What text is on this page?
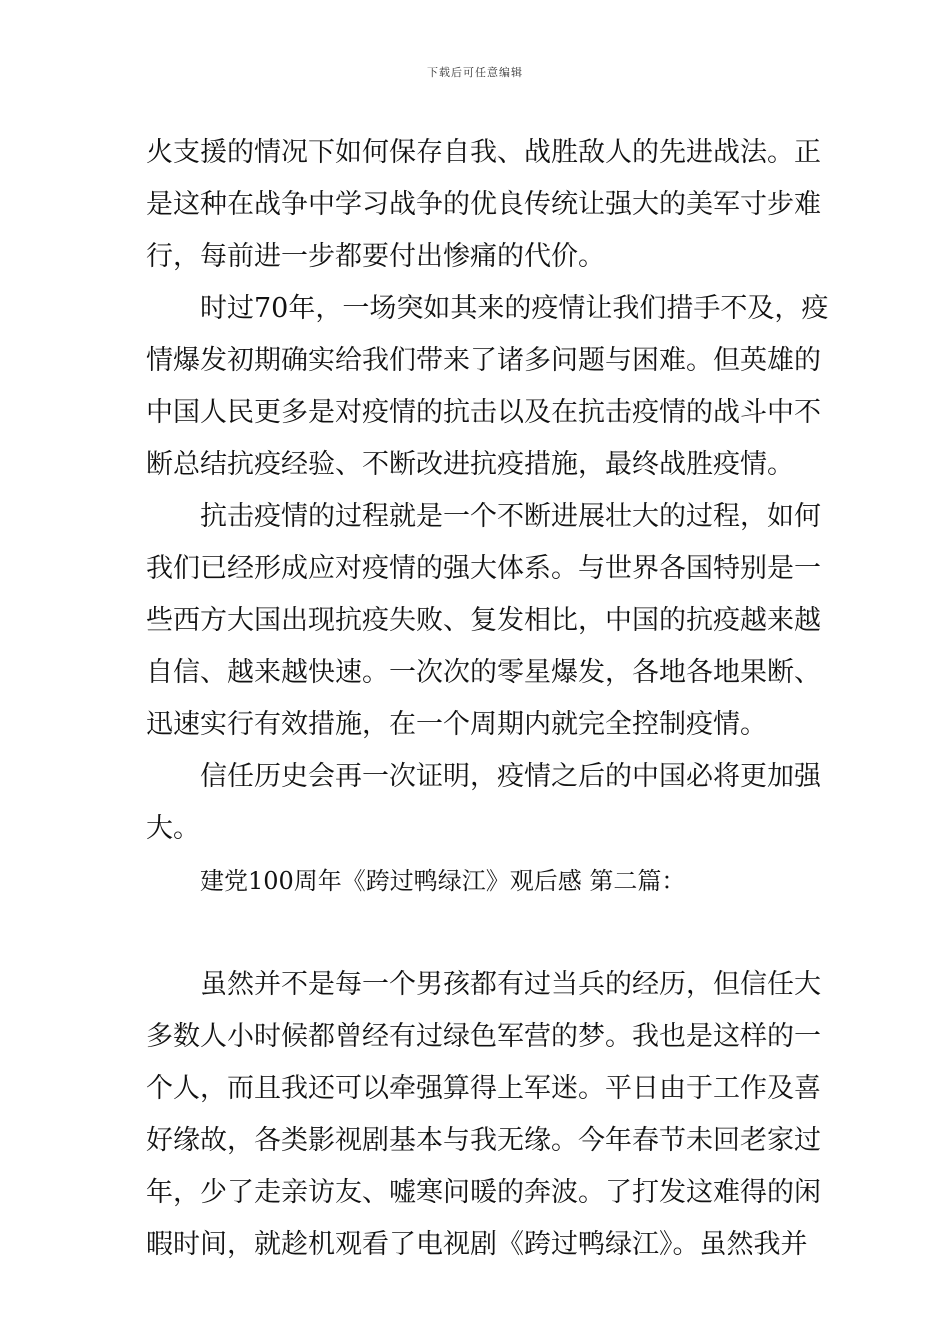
下载后可任意编辑
火支援的情况下如何保存自我、战胜敌人的先进战法。正
是这种在战争中学习战争的优良传统让强大的美军寸步难
行，每前进一步都要付出惨痛的代价。
时过70年，一场突如其来的疫情让我们措手不及，疫
情爆发初期确实给我们带来了诸多问题与困难。但英雄的
中国人民更多是对疫情的抗击以及在抗击疫情的战斗中不
断总结抗疫经验、不断改进抗疫措施，最终战胜疫情。
抗击疫情的过程就是一个不断进展壮大的过程，如何
我们已经形成应对疫情的强大体系。与世界各国特别是一
些西方大国出现抗疫失败、复发相比，中国的抗疫越来越
自信、越来越快速。一次次的零星爆发，各地各地果断、
迅速实行有效措施，在一个周期内就完全控制疫情。
信任历史会再一次证明，疫情之后的中国必将更加强
大。
建党100周年《跨过鸭绿江》观后感 第二篇：
虽然并不是每一个男孩都有过当兵的经历，但信任大
多数人小时候都曾经有过绿色军营的梦。我也是这样的一
个人，而且我还可以牵强算得上军迷。平日由于工作及喜
好缘故，各类影视剧基本与我无缘。今年春节未回老家过
年，少了走亲访友、嘘寒问暖的奔波。了打发这难得的闲
暇时间，就趁机观看了电视剧《跨过鸭绿江》。虽然我并
